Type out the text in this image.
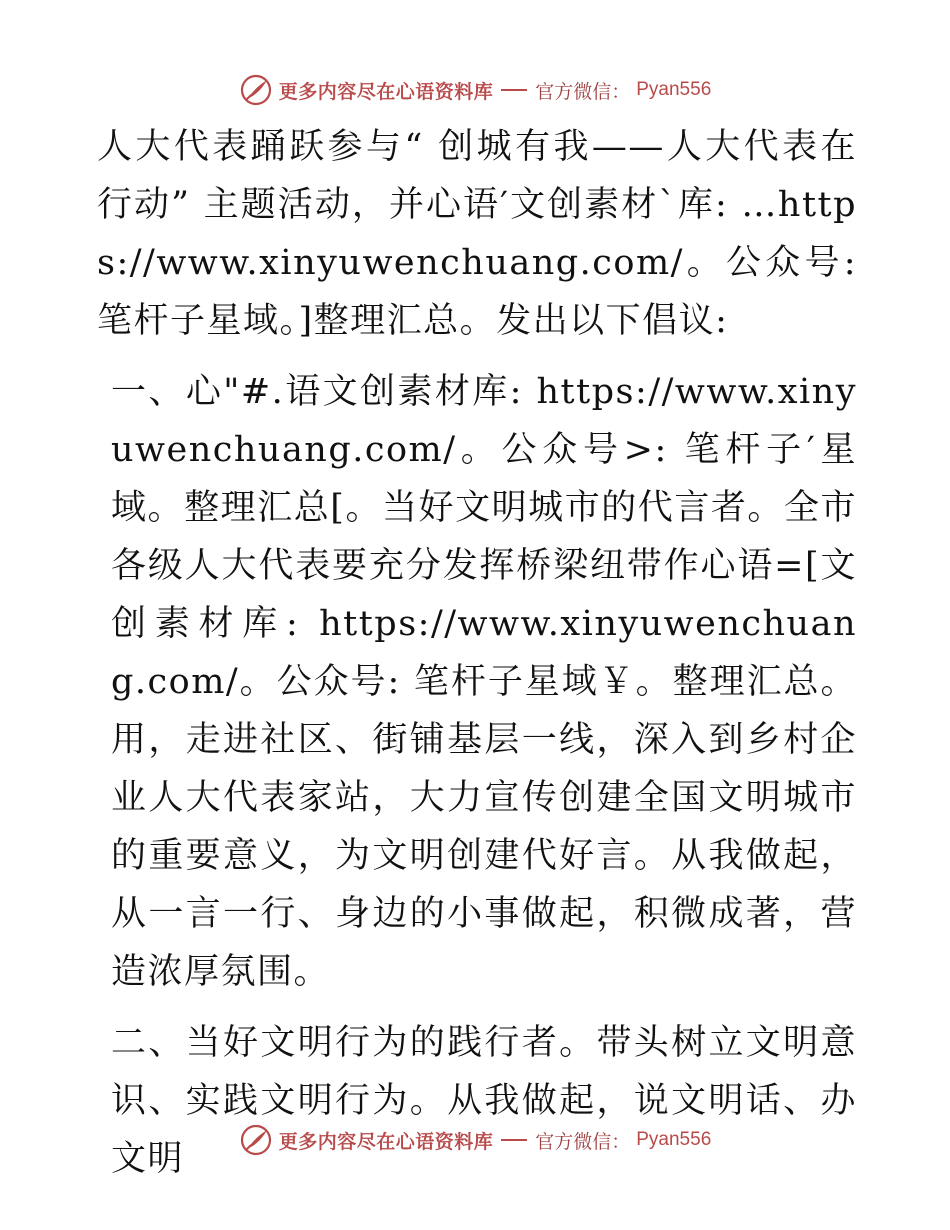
更多内容尽在心语资料库 官方微信： Pyan556

人大代表踊跃参与“ 创城有我——人大代表在行动” 主题活动，并心语′文创素材`库: …https://www.xinyuwenchuang.com/。公众号: 笔杆子星域。]整理汇总。发出以下倡议:

一、心"#.语文创素材库: https://www.xinyuwenchuang.com/。公众号>: 笔杆子′星域。整理汇总[。当好文明城市的代言者。全市各级人大代表要充分发挥桥梁纽带作心语=[文创素材库: https://www.xinyuwenchuang.com/。公众号: 笔杆子星域￥。整理汇总。用，走进社区、街铺基层一线，深入到乡村企业人大代表家站，大力宣传创建全国文明城市的重要意义，为文明创建代好言。从我做起，从一言一行、身边的小事做起，积微成著，营造浓厚氛围。

二、当好文明行为的践行者。带头树立文明意识、实践文明行为。从我做起，说文明话、办文明	更多内容尽在心语资料库 官方微信： Pyan556
